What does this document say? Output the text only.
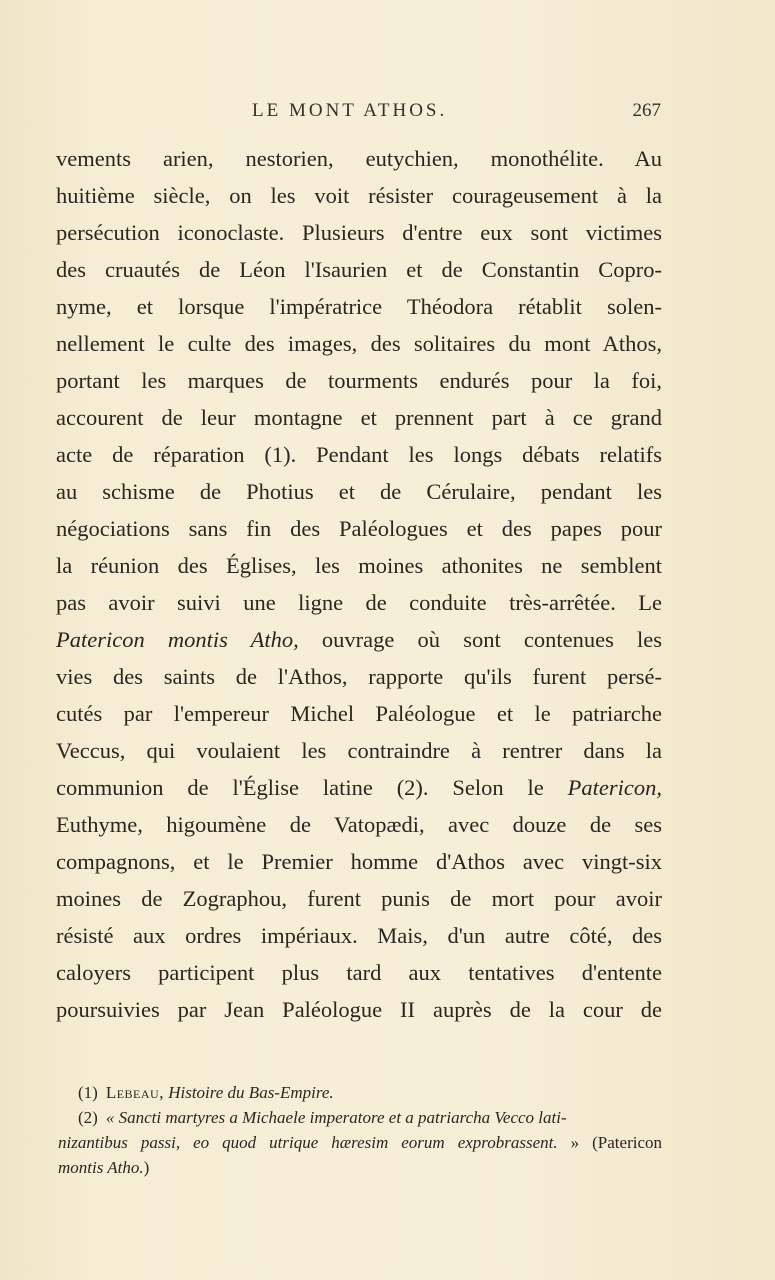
LE MONT ATHOS.	267
vements arien, nestorien, eutychien, monothélite. Au
huitième siècle, on les voit résister courageusement à la
persécution iconoclaste. Plusieurs d'entre eux sont victimes
des cruautés de Léon l'Isaurien et de Constantin Copro-
nyme, et lorsque l'impératrice Théodora rétablit solen-
nellement le culte des images, des solitaires du mont Athos,
portant les marques de tourments endurés pour la foi,
accourent de leur montagne et prennent part à ce grand
acte de réparation (1). Pendant les longs débats relatifs
au schisme de Photius et de Cérulaire, pendant les
négociations sans fin des Paléologues et des papes pour
la réunion des Églises, les moines athonites ne semblent
pas avoir suivi une ligne de conduite très-arrêtée. Le
Patericon montis Atho, ouvrage où sont contenues les
vies des saints de l'Athos, rapporte qu'ils furent persé-
cutés par l'empereur Michel Paléologue et le patriarche
Veccus, qui voulaient les contraindre à rentrer dans la
communion de l'Église latine (2). Selon le Patericon,
Euthyme, higoumène de Vatopædi, avec douze de ses
compagnons, et le Premier homme d'Athos avec vingt-six
moines de Zographou, furent punis de mort pour avoir
résisté aux ordres impériaux. Mais, d'un autre côté, des
caloyers participent plus tard aux tentatives d'entente
poursuivies par Jean Paléologue II auprès de la cour de
(1) Lebeau, Histoire du Bas-Empire.
(2) « Sancti martyres a Michaele imperatore et a patriarcha Vecco lati-
nizantibus passi, eo quod utrique hæresim eorum exprobrassent. » (Patericon
montis Atho.)
